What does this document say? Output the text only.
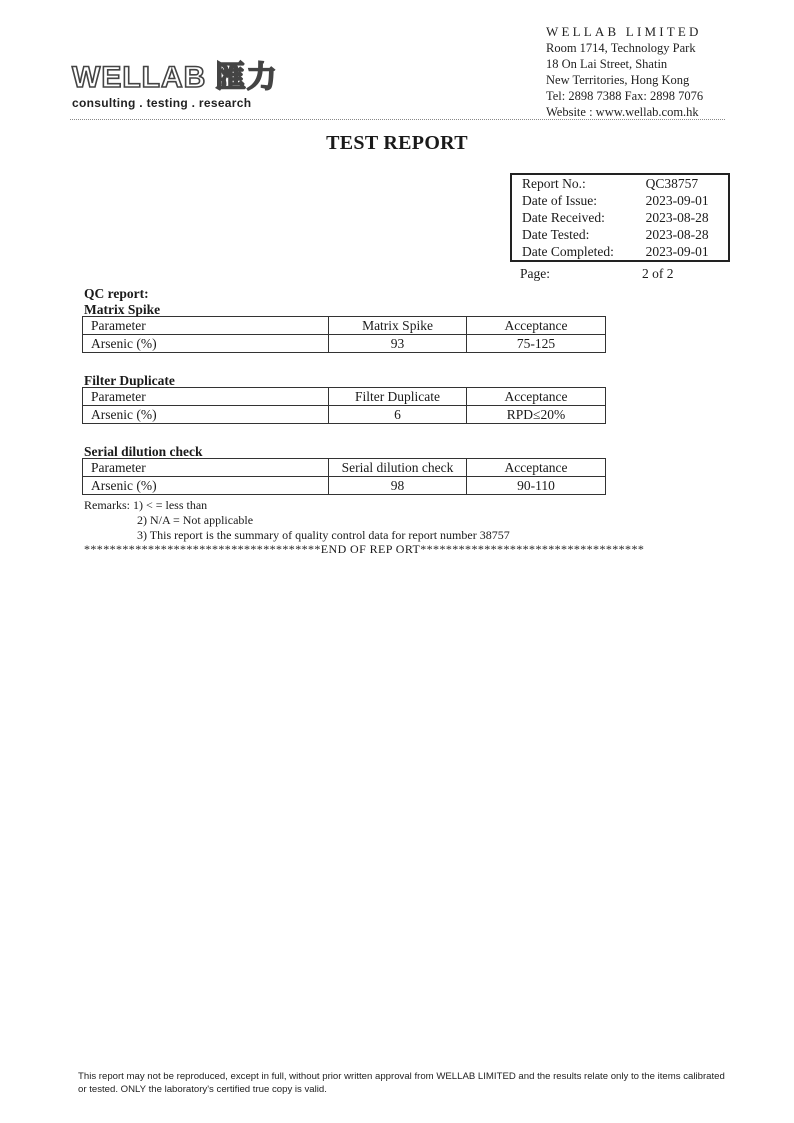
WELLAB 匯力
consulting . testing . research
WELLAB LIMITED
Room 1714, Technology Park
18 On Lai Street, Shatin
New Territories, Hong Kong
Tel: 2898 7388 Fax: 2898 7076
Website : www.wellab.com.hk
TEST REPORT
Report No.:	QC38757
Date of Issue:	2023-09-01
Date Received:	2023-08-28
Date Tested:	2023-08-28
Date Completed:	2023-09-01
Page:	2 of 2
QC report:
Matrix Spike
Parameter	Matrix Spike	Acceptance
Arsenic (%)	93	75-125
Filter Duplicate
Parameter	Filter Duplicate	Acceptance
Arsenic (%)	6	RPD≤20%
Serial dilution check
Parameter	Serial dilution check	Acceptance
Arsenic (%)	98	90-110
Remarks: 1) < = less than
2) N/A = Not applicable
3) This report is the summary of quality control data for report number 38757
*************************************END OF REP ORT***********************************
This report may not be reproduced, except in full, without prior written approval from WELLAB LIMITED and the results relate only to the items calibrated or tested. ONLY the laboratory's certified true copy is valid.
